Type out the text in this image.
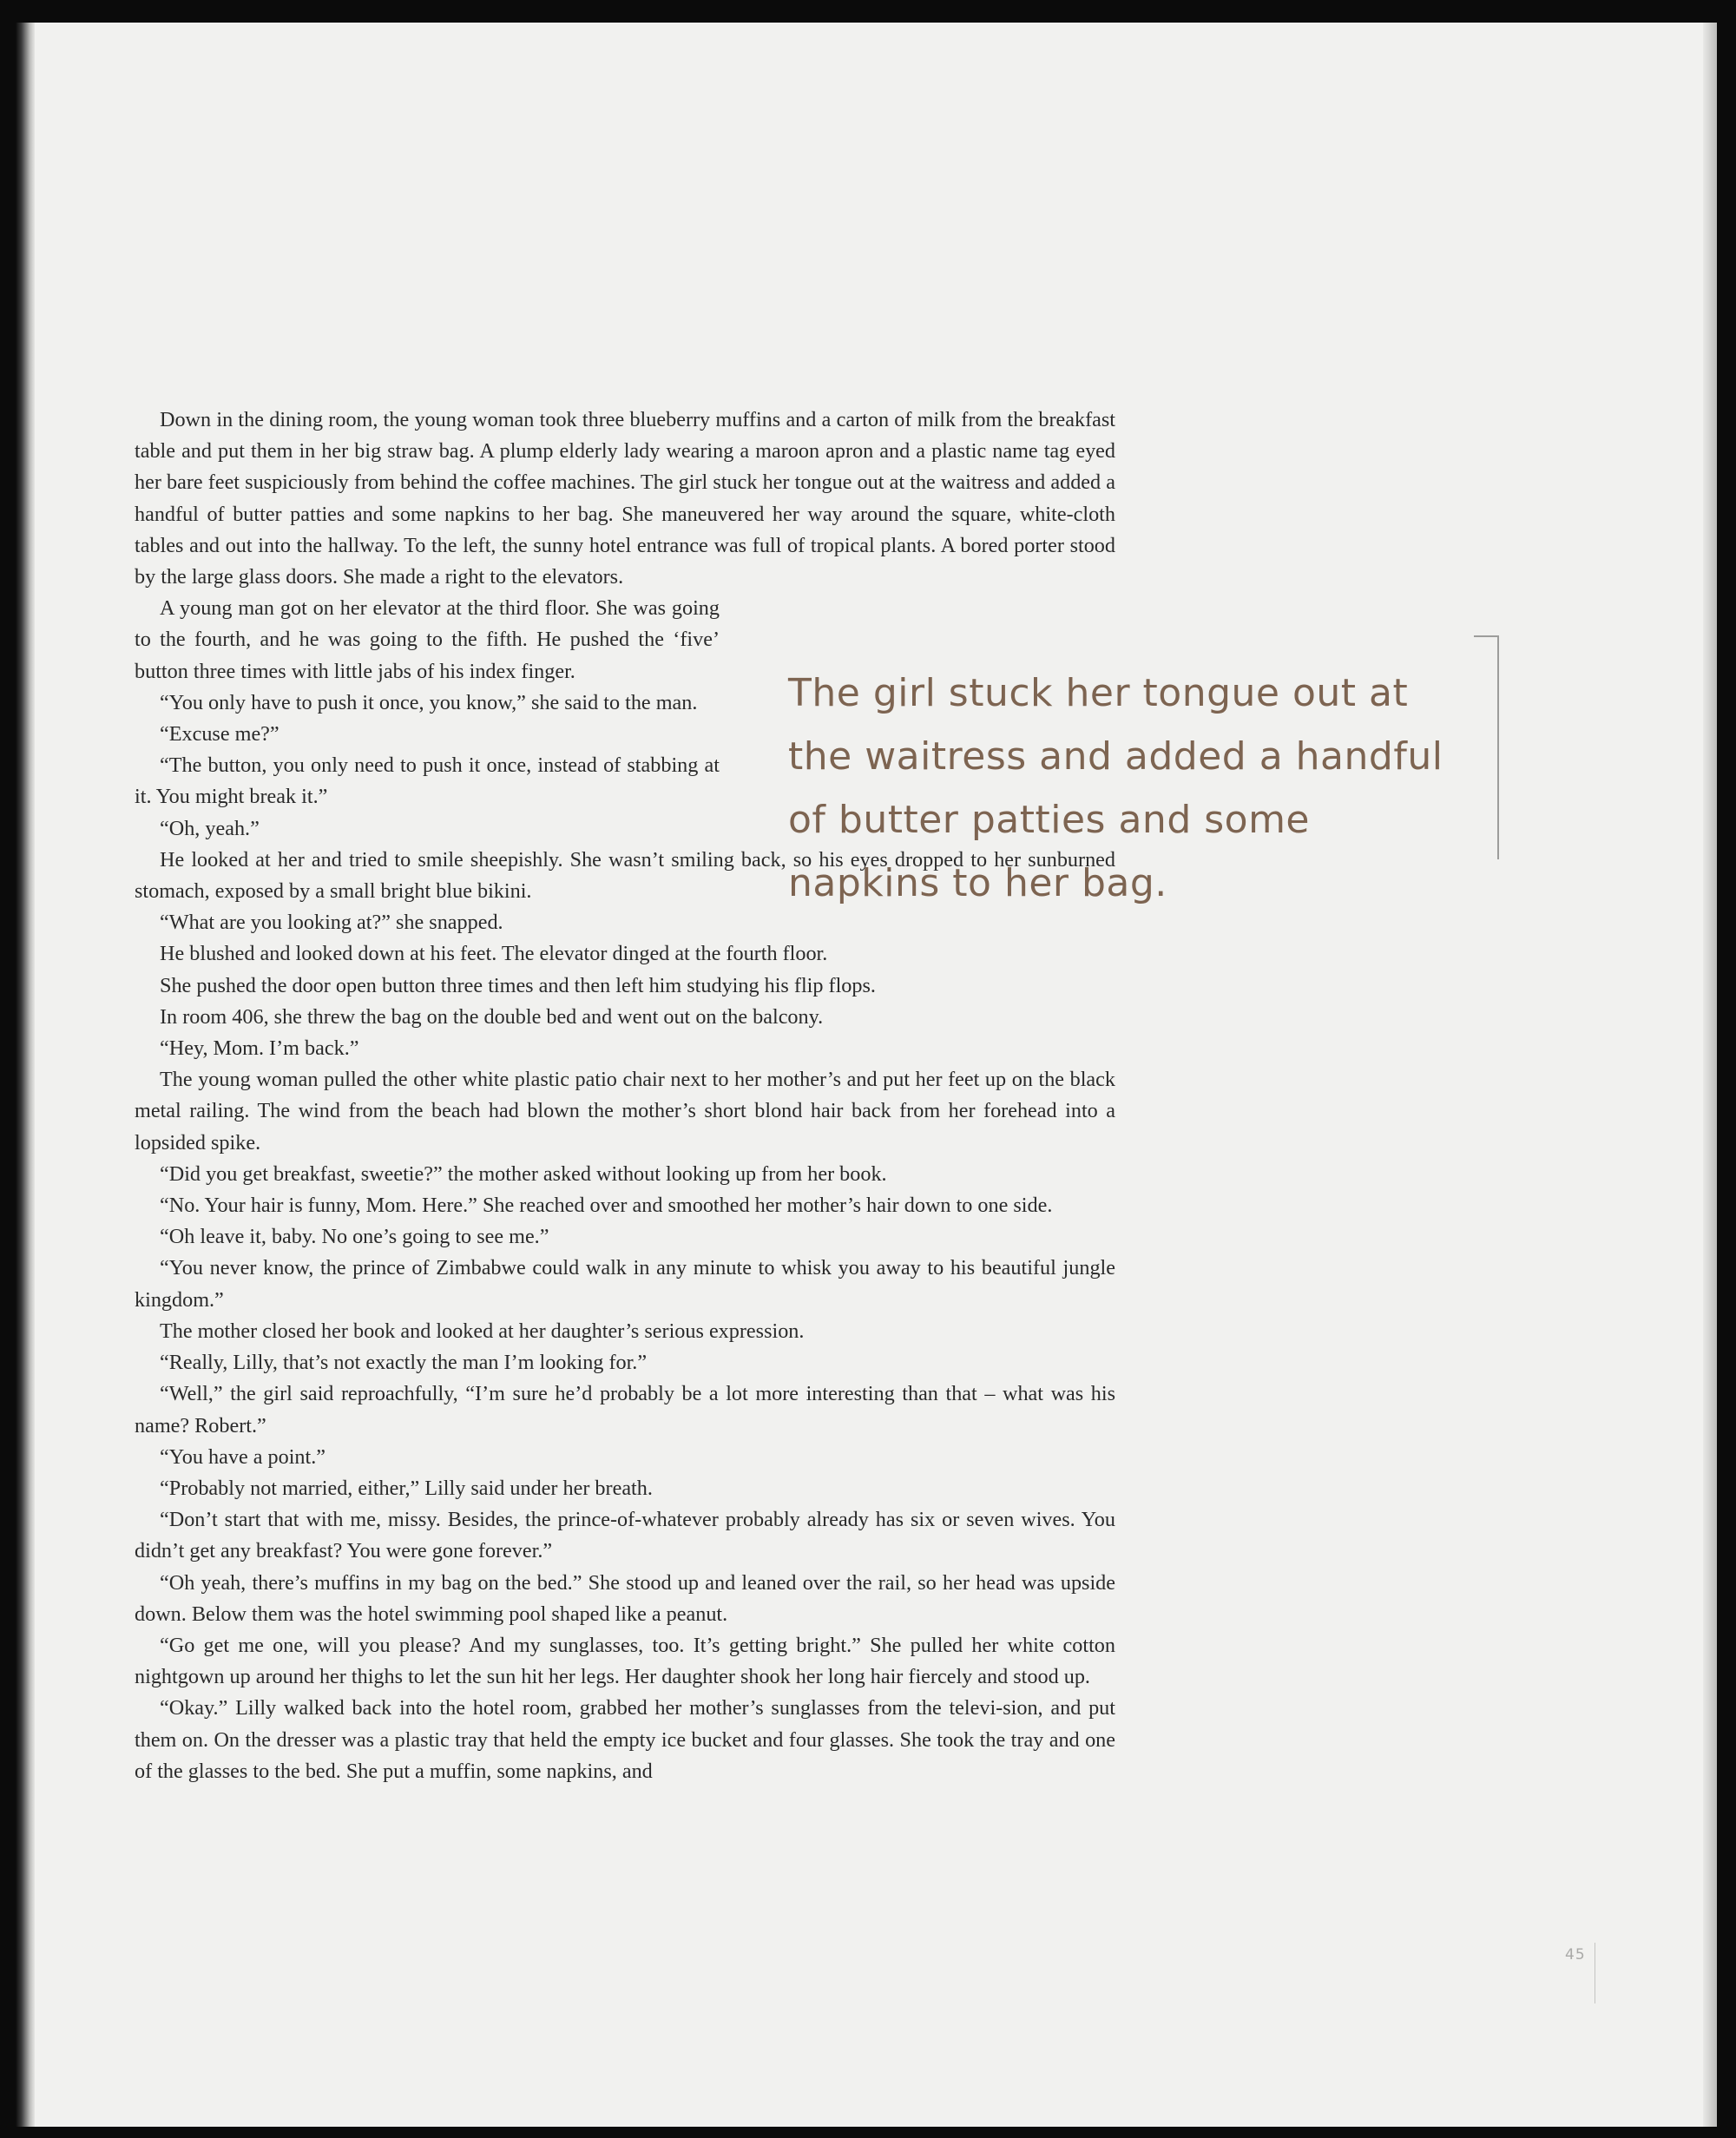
Down in the dining room, the young woman took three blueberry muffins and a carton of milk from the breakfast table and put them in her big straw bag. A plump elderly lady wearing a maroon apron and a plastic name tag eyed her bare feet suspiciously from behind the coffee machines. The girl stuck her tongue out at the waitress and added a handful of butter patties and some napkins to her bag. She maneuvered her way around the square, white-cloth tables and out into the hallway. To the left, the sunny hotel entrance was full of tropical plants. A bored porter stood by the large glass doors. She made a right to the elevators.

A young man got on her elevator at the third floor. She was going to the fourth, and he was going to the fifth. He pushed the ‘five’ button three times with little jabs of his index finger.

“You only have to push it once, you know,” she said to the man.

“Excuse me?”

“The button, you only need to push it once, instead of stabbing at it. You might break it.”

“Oh, yeah.”

He looked at her and tried to smile sheepishly. She wasn’t smiling back, so his eyes dropped to her sunburned stomach, exposed by a small bright blue bikini.

“What are you looking at?” she snapped.

He blushed and looked down at his feet. The elevator dinged at the fourth floor.

She pushed the door open button three times and then left him studying his flip flops.

In room 406, she threw the bag on the double bed and went out on the balcony.

“Hey, Mom. I’m back.”

The young woman pulled the other white plastic patio chair next to her mother’s and put her feet up on the black metal railing. The wind from the beach had blown the mother’s short blond hair back from her forehead into a lopsided spike.

“Did you get breakfast, sweetie?” the mother asked without looking up from her book.

“No. Your hair is funny, Mom. Here.” She reached over and smoothed her mother’s hair down to one side.

“Oh leave it, baby. No one’s going to see me.”

“You never know, the prince of Zimbabwe could walk in any minute to whisk you away to his beautiful jungle kingdom.”

The mother closed her book and looked at her daughter’s serious expression.

“Really, Lilly, that’s not exactly the man I’m looking for.”

“Well,” the girl said reproachfully, “I’m sure he’d probably be a lot more interesting than that – what was his name? Robert.”

“You have a point.”

“Probably not married, either,” Lilly said under her breath.

“Don’t start that with me, missy. Besides, the prince-of-whatever probably already has six or seven wives. You didn’t get any breakfast? You were gone forever.”

“Oh yeah, there’s muffins in my bag on the bed.” She stood up and leaned over the rail, so her head was upside down. Below them was the hotel swimming pool shaped like a peanut.

“Go get me one, will you please? And my sunglasses, too. It’s getting bright.” She pulled her white cotton nightgown up around her thighs to let the sun hit her legs. Her daughter shook her long hair fiercely and stood up.

“Okay.” Lilly walked back into the hotel room, grabbed her mother’s sunglasses from the televi-sion, and put them on. On the dresser was a plastic tray that held the empty ice bucket and four glasses. She took the tray and one of the glasses to the bed. She put a muffin, some napkins, and

The girl stuck her tongue out at the waitress and added a handful of butter patties and some napkins to her bag.
45
